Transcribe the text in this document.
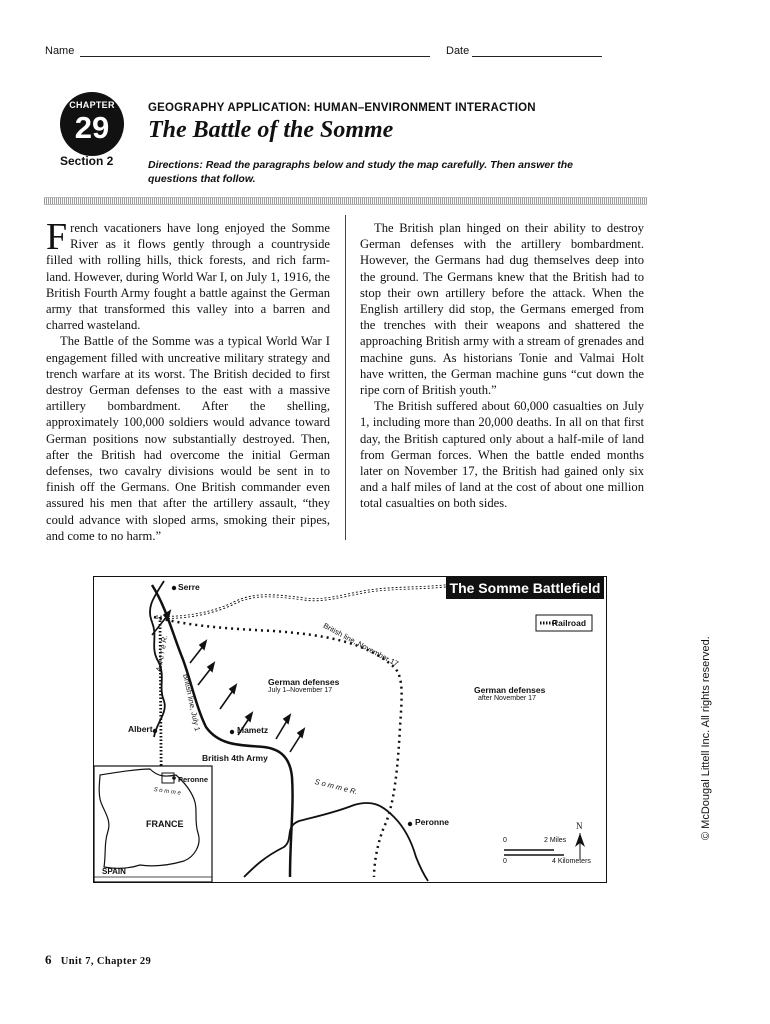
Name	Date
CHAPTER
29
Section 2
GEOGRAPHY APPLICATION: HUMAN–ENVIRONMENT INTERACTION
The Battle of the Somme
Directions: Read the paragraphs below and study the map carefully. Then answer the questions that follow.

French vacationers have long enjoyed the Somme River as it flows gently through a countryside filled with rolling hills, thick forests, and rich farm-land. However, during World War I, on July 1, 1916, the British Fourth Army fought a battle against the German army that transformed this valley into a barren and charred wasteland.

The Battle of the Somme was a typical World War I engagement filled with uncreative military strategy and trench warfare at its worst. The British decided to first destroy German defenses to the east with a massive artillery bombardment. After the shelling, approximately 100,000 soldiers would advance toward German positions now substantially destroyed. Then, after the British had overcome the initial German defenses, two cavalry divisions would be sent in to finish off the Germans. One British commander even assured his men that after the artillery assault, “they could advance with sloped arms, smoking their pipes, and come to no harm.”

The British plan hinged on their ability to destroy German defenses with the artillery bombardment. However, the Germans had dug themselves deep into the ground. The Germans knew that the British had to stop their own artillery before the attack. When the English artillery did stop, the Germans emerged from the trenches with their weapons and shattered the approaching British army with a stream of grenades and machine guns. As historians Tonie and Valmai Holt have written, the German machine guns “cut down the ripe corn of British youth.”

The British suffered about 60,000 casualties on July 1, including more than 20,000 deaths. In all on that first day, the British captured only about a half-mile of land from German forces. When the battle ended months later on November 17, the British had gained only six and a half miles of land at the cost of about one million total casualties on both sides.

© McDougal Littell Inc. All rights reserved.
Serre
Albert	Mametz
Peronne
German defenses
July 1–November 17	German defenses
after November 17
British 4th Army
British line, November 17
British line, July 1
A n c r e R.
S o m m e R.
Peronne
S o m m e
FRANCE
SPAIN
Railroad
0	2 Miles
0	4 Kilometers
N
The Somme Battlefield
6 Unit 7, Chapter 29
